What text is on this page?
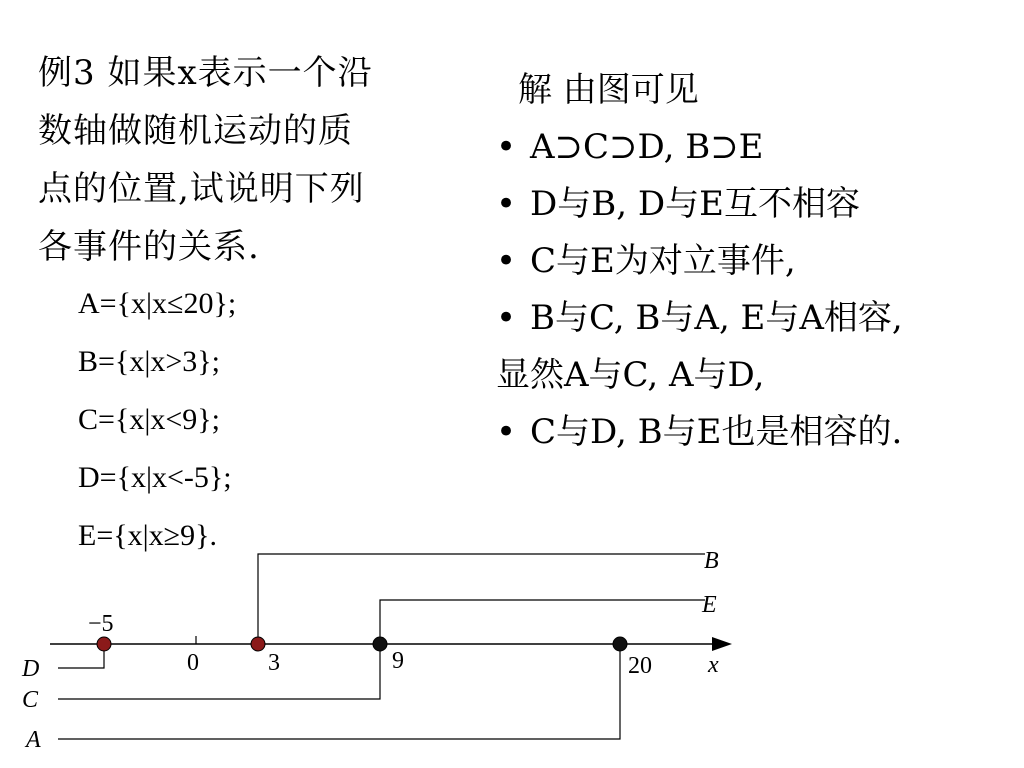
例3 如果x表示一个沿
数轴做随机运动的质
点的位置,试说明下列
各事件的关系.
A={x|x≤20};
B={x|x>3};
C={x|x<9};
D={x|x<-5};
E={x|x≥9}.
解 由图可见
• A⊃C⊃D, B⊃E
• D与B, D与E互不相容
• C与E为对立事件,
• B与C, B与A, E与A相容,
显然A与C, A与D,
• C与D, B与E也是相容的.
−5
0	3	9	20 x
B
E
D
C
A
